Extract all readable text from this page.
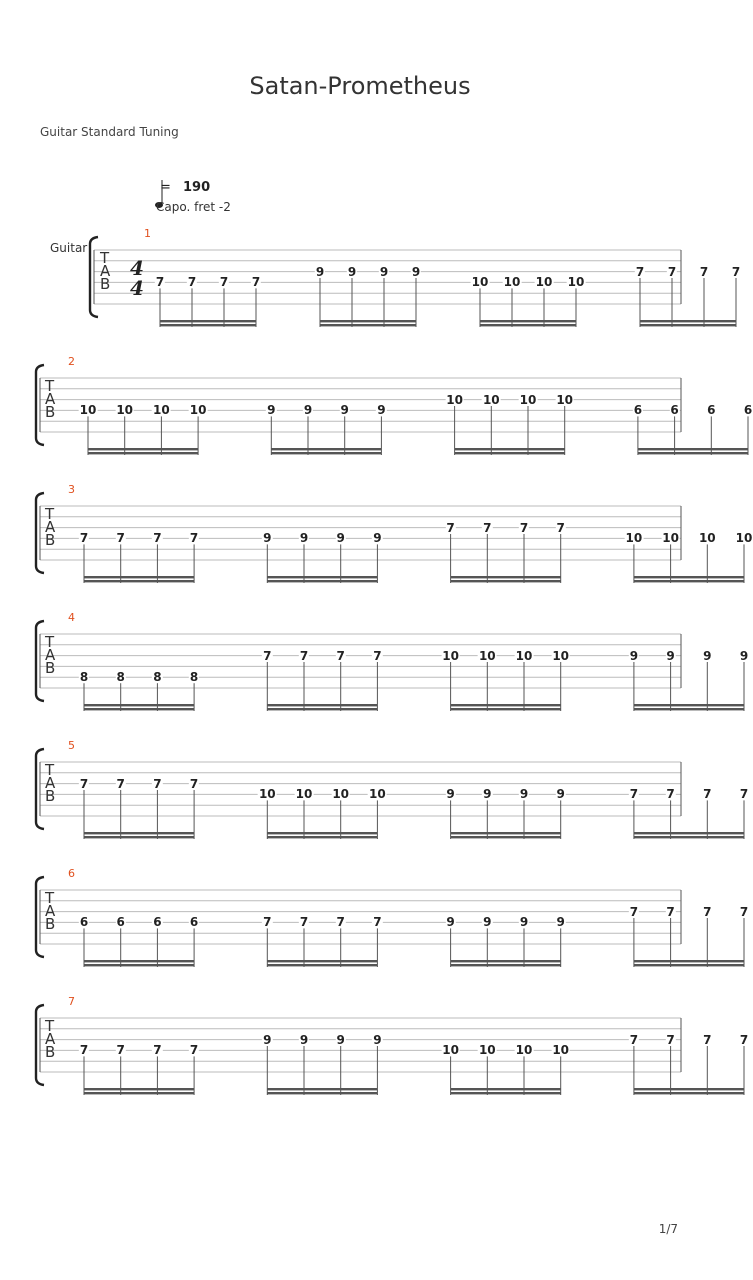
Satan-Prometheus
Guitar Standard Tuning
= 190
Capo. fret -2
T
A
B
4
4
Guitar
1
7 7 7 7
9 9 9 9
10 10 10 10
7 7 7 7
T
A
B
2
10 10 10 10	9 9 9 9
10 10 10 10
6 6 6 6
T
A
B
3
7 7 7 7	9 9 9 9
7 7 7 7
10 10 10 10
T
A
B
4
8 8 8 8
7 7 7 7	10 10 10 10	9 9 9 9
T
A
B
5
7 7 7 7
10 10 10 10	9 9 9 9	7 7 7 7
T
A
B
6
6 6 6 6	7 7 7 7	9 9 9 9
7 7 7 7
T
A
B
7
7 7 7 7
9 9 9 9
10 10 10 10
7 7 7 7
1/7
